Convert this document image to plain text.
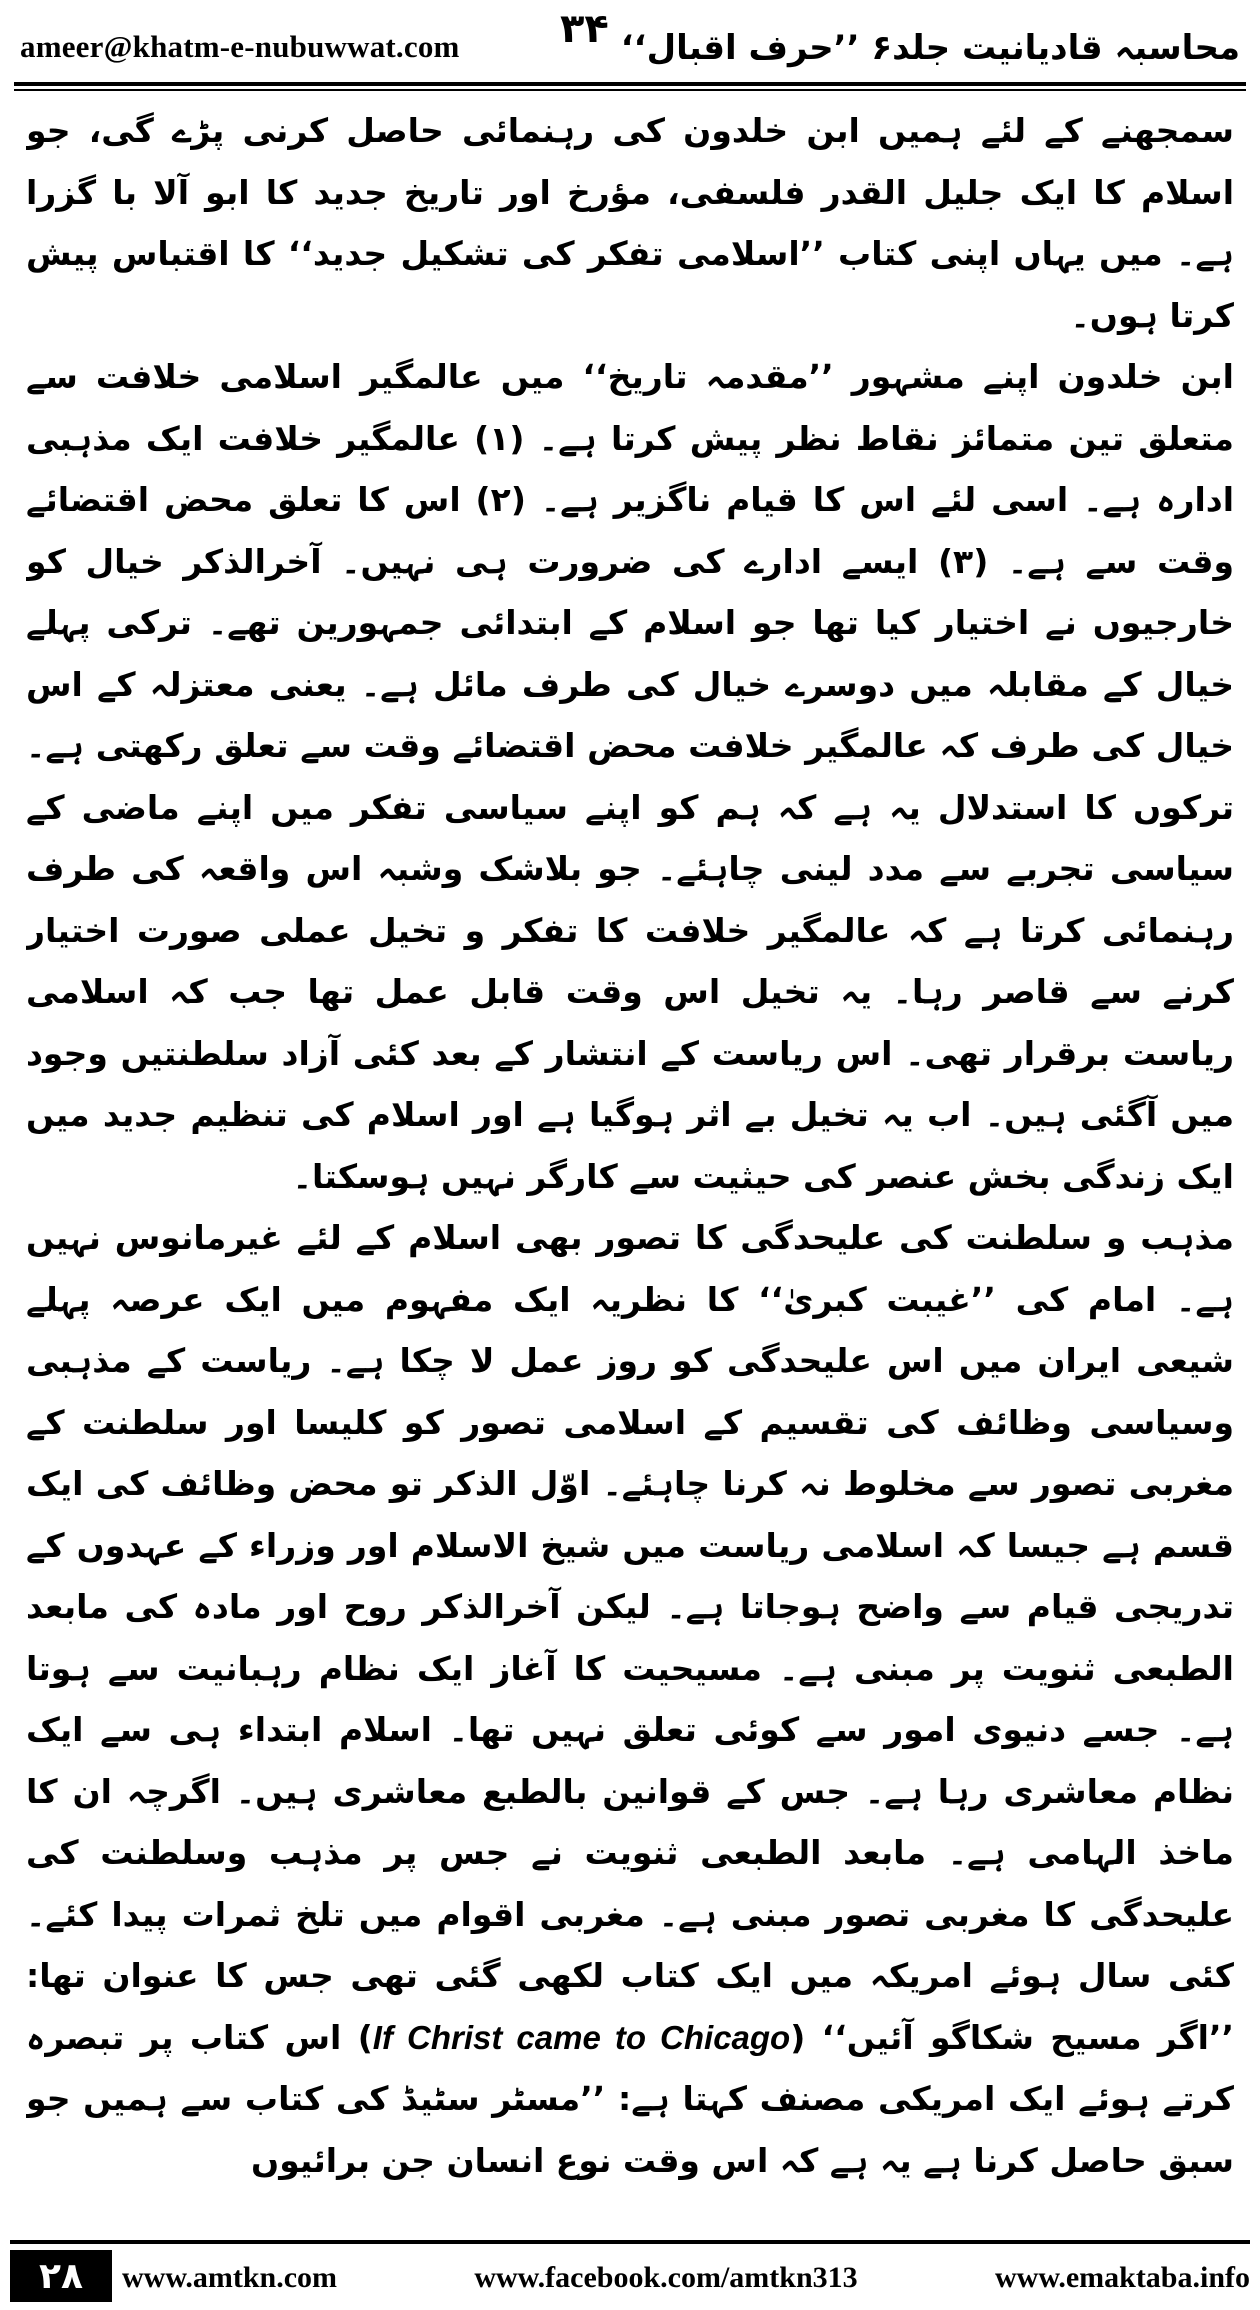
ameer@khatm-e-nubuwwat.com	محاسبہ قادیانیت جلد۶ ’’حرف اقبال‘‘
۳۴

سمجھنے کے لئے ہمیں ابن خلدون کی رہنمائی حاصل کرنی پڑے گی، جو اسلام کا ایک جلیل القدر فلسفی، مؤرخ اور تاریخ جدید کا ابو آلا با گزرا ہے۔ میں یہاں اپنی کتاب ’’اسلامی تفکر کی تشکیل جدید‘‘ کا اقتباس پیش کرتا ہوں۔

ابن خلدون اپنے مشہور ’’مقدمہ تاریخ‘‘ میں عالمگیر اسلامی خلافت سے متعلق تین متمائز نقاط نظر پیش کرتا ہے۔ (۱) عالمگیر خلافت ایک مذہبی ادارہ ہے۔ اسی لئے اس کا قیام ناگزیر ہے۔ (۲) اس کا تعلق محض اقتضائے وقت سے ہے۔ (۳) ایسے ادارے کی ضرورت ہی نہیں۔ آخرالذکر خیال کو خارجیوں نے اختیار کیا تھا جو اسلام کے ابتدائی جمہورین تھے۔ ترکی پہلے خیال کے مقابلہ میں دوسرے خیال کی طرف مائل ہے۔ یعنی معتزلہ کے اس خیال کی طرف کہ عالمگیر خلافت محض اقتضائے وقت سے تعلق رکھتی ہے۔ ترکوں کا استدلال یہ ہے کہ ہم کو اپنے سیاسی تفکر میں اپنے ماضی کے سیاسی تجربے سے مدد لینی چاہئے۔ جو بلاشک وشبہ اس واقعہ کی طرف رہنمائی کرتا ہے کہ عالمگیر خلافت کا تفکر و تخیل عملی صورت اختیار کرنے سے قاصر رہا۔ یہ تخیل اس وقت قابل عمل تھا جب کہ اسلامی ریاست برقرار تھی۔ اس ریاست کے انتشار کے بعد کئی آزاد سلطنتیں وجود میں آگئی ہیں۔ اب یہ تخیل بے اثر ہوگیا ہے اور اسلام کی تنظیم جدید میں ایک زندگی بخش عنصر کی حیثیت سے کارگر نہیں ہوسکتا۔

مذہب و سلطنت کی علیحدگی کا تصور بھی اسلام کے لئے غیرمانوس نہیں ہے۔ امام کی ’’غیبت کبریٰ‘‘ کا نظریہ ایک مفہوم میں ایک عرصہ پہلے شیعی ایران میں اس علیحدگی کو روز عمل لا چکا ہے۔ ریاست کے مذہبی وسیاسی وظائف کی تقسیم کے اسلامی تصور کو کلیسا اور سلطنت کے مغربی تصور سے مخلوط نہ کرنا چاہئے۔ اوّل الذکر تو محض وظائف کی ایک قسم ہے جیسا کہ اسلامی ریاست میں شیخ الاسلام اور وزراء کے عہدوں کے تدریجی قیام سے واضح ہوجاتا ہے۔ لیکن آخرالذکر روح اور مادہ کی مابعد الطبعی ثنویت پر مبنی ہے۔ مسیحیت کا آغاز ایک نظام رہبانیت سے ہوتا ہے۔ جسے دنیوی امور سے کوئی تعلق نہیں تھا۔ اسلام ابتداء ہی سے ایک نظام معاشری رہا ہے۔ جس کے قوانین بالطبع معاشری ہیں۔ اگرچہ ان کا ماخذ الہامی ہے۔ مابعد الطبعی ثنویت نے جس پر مذہب وسلطنت کی علیحدگی کا مغربی تصور مبنی ہے۔ مغربی اقوام میں تلخ ثمرات پیدا کئے۔ کئی سال ہوئے امریکہ میں ایک کتاب لکھی گئی تھی جس کا عنوان تھا: ’’اگر مسیح شکاگو آئیں‘‘ (If Christ came to Chicago) اس کتاب پر تبصرہ کرتے ہوئے ایک امریکی مصنف کہتا ہے: ’’مسٹر سٹیڈ کی کتاب سے ہمیں جو سبق حاصل کرنا ہے یہ ہے کہ اس وقت نوع انسان جن برائیوں

۲۸	www.amtkn.com	www.facebook.com/amtkn313	www.emaktaba.info
